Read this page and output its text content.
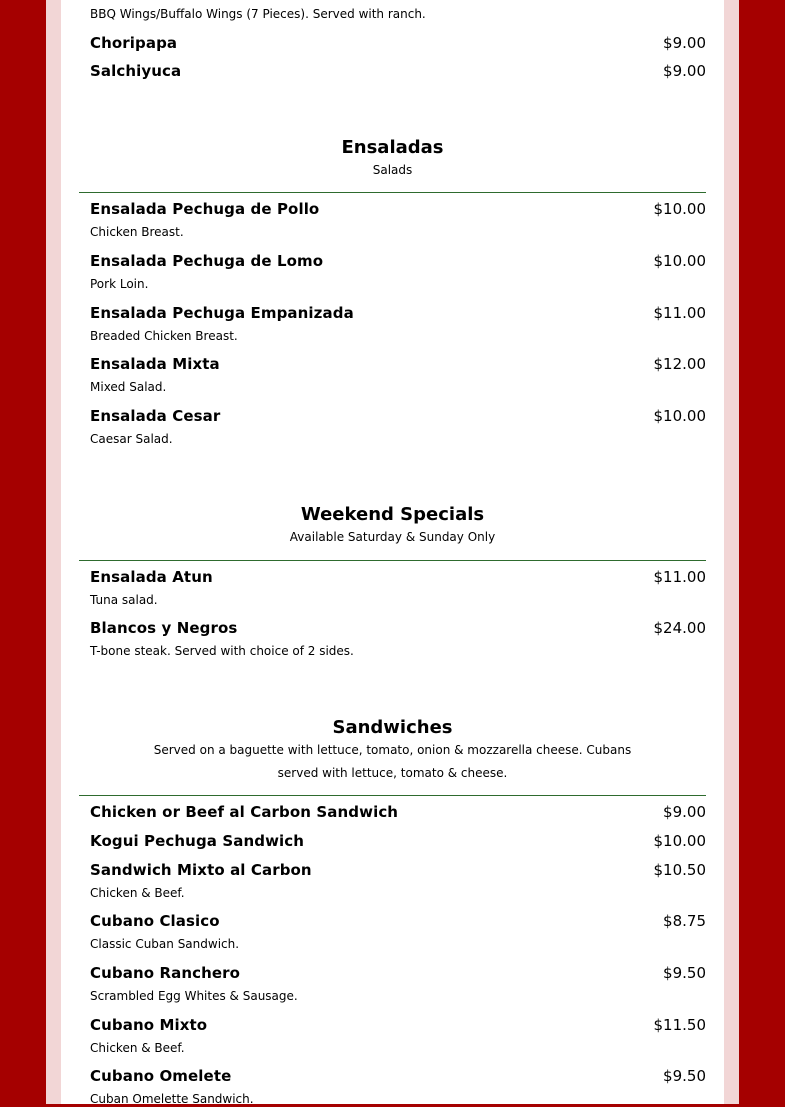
BBQ Wings/Buffalo Wings (7 Pieces). Served with ranch.
Choripapa	$9.00
Salchiyuca	$9.00
Ensaladas
Salads
Ensalada Pechuga de Pollo	$10.00
Chicken Breast.
Ensalada Pechuga de Lomo	$10.00
Pork Loin.
Ensalada Pechuga Empanizada	$11.00
Breaded Chicken Breast.
Ensalada Mixta	$12.00
Mixed Salad.
Ensalada Cesar	$10.00
Caesar Salad.
Weekend Specials
Available Saturday & Sunday Only
Ensalada Atun	$11.00
Tuna salad.
Blancos y Negros	$24.00
T-bone steak. Served with choice of 2 sides.
Sandwiches
Served on a baguette with lettuce, tomato, onion & mozzarella cheese. Cubans
served with lettuce, tomato & cheese.
Chicken or Beef al Carbon Sandwich	$9.00
Kogui Pechuga Sandwich	$10.00
Sandwich Mixto al Carbon	$10.50
Chicken & Beef.
Cubano Clasico	$8.75
Classic Cuban Sandwich.
Cubano Ranchero	$9.50
Scrambled Egg Whites & Sausage.
Cubano Mixto	$11.50
Chicken & Beef.
Cubano Omelete	$9.50
Cuban Omelette Sandwich.
